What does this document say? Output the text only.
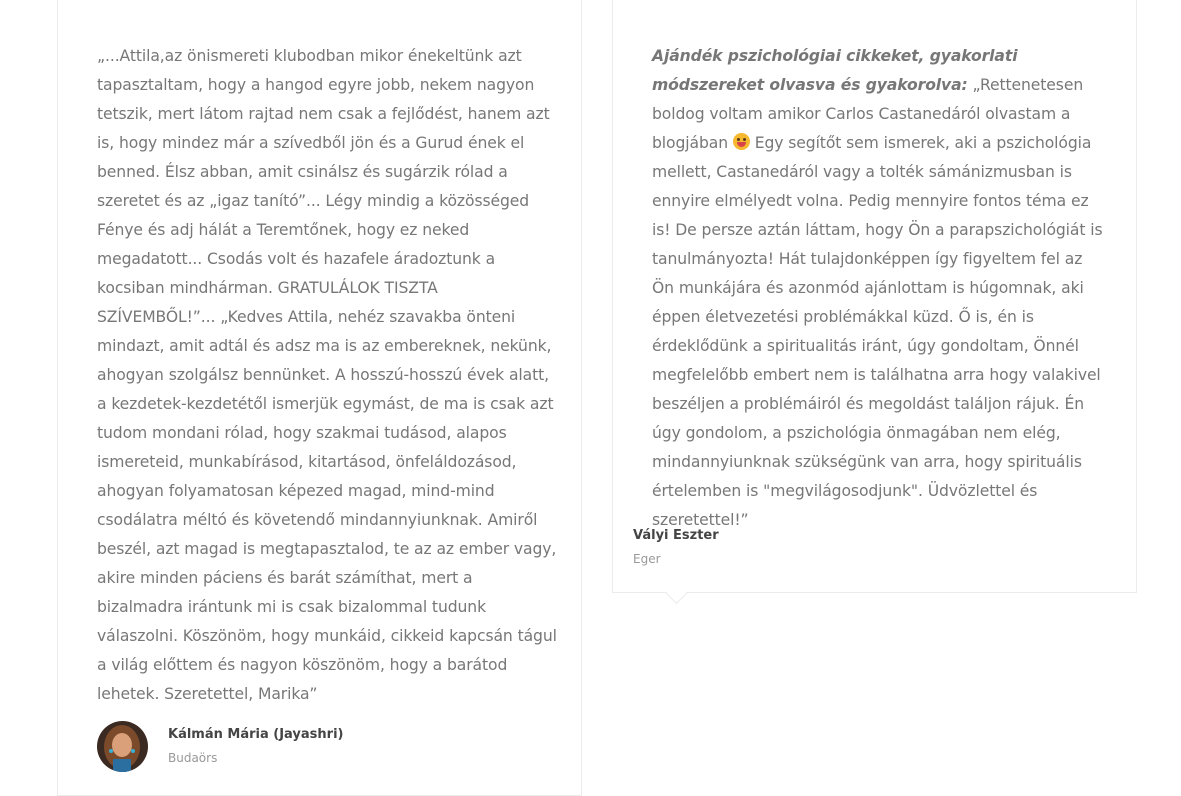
„...Attila,az önismereti klubodban mikor énekeltünk azt tapasztaltam, hogy a hangod egyre jobb, nekem nagyon tetszik, mert látom rajtad nem csak a fejlődést, hanem azt is, hogy mindez már a szívedből jön és a Gurud ének el benned. Élsz abban, amit csinálsz és sugárzik rólad a szeretet és az „igaz tanító”... Légy mindig a közösséged Fénye és adj hálát a Teremtőnek, hogy ez neked megadatott... Csodás volt és hazafele áradoztunk a kocsiban mindhárman. GRATULÁLOK TISZTA SZÍVEMBŐL!”... „Kedves Attila, nehéz szavakba önteni mindazt, amit adtál és adsz ma is az embereknek, nekünk, ahogyan szolgálsz bennünket. A hosszú-hosszú évek alatt, a kezdetek-kezdetétől ismerjük egymást, de ma is csak azt tudom mondani rólad, hogy szakmai tudásod, alapos ismereteid, munkabírásod, kitartásod, önfeláldozásod, ahogyan folyamatosan képezed magad, mind-mind csodálatra méltó és követendő mindannyiunknak. Amiről beszél, azt magad is megtapasztalod, te az az ember vagy, akire minden páciens és barát számíthat, mert a bizalmadra irántunk mi is csak bizalommal tudunk válaszolni. Köszönöm, hogy munkáid, cikkeid kapcsán tágul a világ előttem és nagyon köszönöm, hogy a barátod lehetek. Szeretettel, Marika”

Kálmán Mária (Jayashri)
Budaörs

Ajándék pszichológiai cikkeket, gyakorlati módszereket olvasva és gyakorolva: „Rettenetesen boldog voltam amikor Carlos Castanedáról olvastam a blogjában  Egy segítőt sem ismerek, aki a pszichológia mellett, Castanedáról vagy a tolték sámánizmusban is ennyire elmélyedt volna. Pedig mennyire fontos téma ez is! De persze aztán láttam, hogy Ön a parapszichológiát is tanulmányozta! Hát tulajdonképpen így figyeltem fel az Ön munkájára és azonmód ajánlottam is húgomnak, aki éppen életvezetési problémákkal küzd. Ő is, én is érdeklődünk a spiritualitás iránt, úgy gondoltam, Önnél megfelelőbb embert nem is találhatna arra hogy valakivel beszéljen a problémáiról és megoldást találjon rájuk. Én úgy gondolom, a pszichológia önmagában nem elég, mindannyiunknak szükségünk van arra, hogy spirituális értelemben is "megvilágosodjunk". Üdvözlettel és szeretettel!”

Vályi Eszter
Eger
